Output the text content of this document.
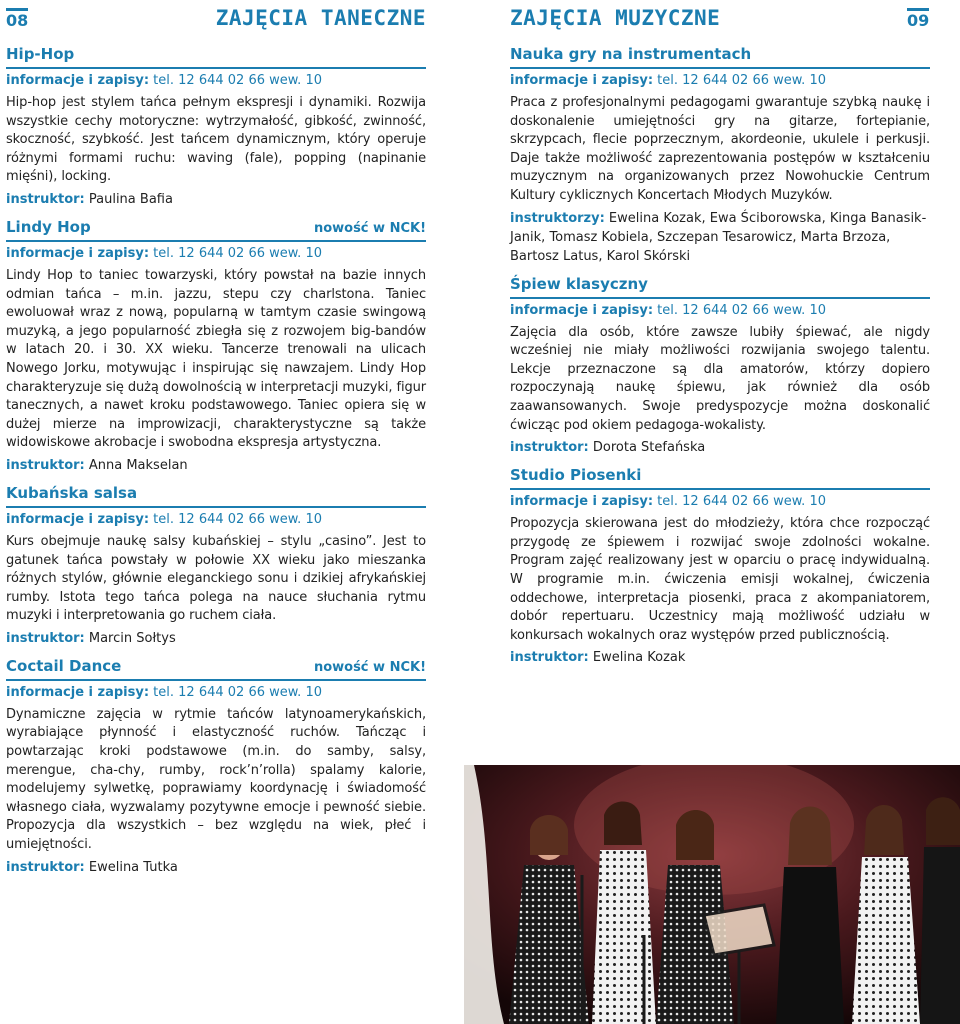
08	ZAJĘCIA TANECZNE
Hip-Hop
informacje i zapisy: tel. 12 644 02 66 wew. 10

Hip-hop jest stylem tańca pełnym ekspresji i dynamiki. Rozwija wszystkie cechy motoryczne: wytrzymałość, gibkość, zwinność, skoczność, szybkość. Jest tańcem dynamicznym, który operuje różnymi formami ruchu: waving (fale), popping (napinanie mięśni), locking.

instruktor: Paulina Bafia
Lindy Hop	nowość w NCK!
informacje i zapisy: tel. 12 644 02 66 wew. 10

Lindy Hop to taniec towarzyski, który powstał na bazie innych odmian tańca – m.in. jazzu, stepu czy charlstona. Taniec ewoluował wraz z nową, popularną w tamtym czasie swingową muzyką, a jego popularność zbiegła się z rozwojem big-bandów w latach 20. i 30. XX wieku. Tancerze trenowali na ulicach Nowego Jorku, motywując i inspirując się nawzajem. Lindy Hop charakteryzuje się dużą dowolnością w interpretacji muzyki, figur tanecznych, a nawet kroku podstawowego. Taniec opiera się w dużej mierze na improwizacji, charakterystyczne są także widowiskowe akrobacje i swobodna ekspresja artystyczna.

instruktor: Anna Makselan
Kubańska salsa
informacje i zapisy: tel. 12 644 02 66 wew. 10

Kurs obejmuje naukę salsy kubańskiej – stylu „casino”. Jest to gatunek tańca powstały w połowie XX wieku jako mieszanka różnych stylów, głównie eleganckiego sonu i dzikiej afrykańskiej rumby. Istota tego tańca polega na nauce słuchania rytmu muzyki i interpretowania go ruchem ciała.

instruktor: Marcin Sołtys
Coctail Dance	nowość w NCK!
informacje i zapisy: tel. 12 644 02 66 wew. 10

Dynamiczne zajęcia w rytmie tańców latynoamerykańskich, wyrabiające płynność i elastyczność ruchów. Tańcząc i powtarzając kroki podstawowe (m.in. do samby, salsy, merengue, cha-chy, rumby, rock’n’rolla) spalamy kalorie, modelujemy sylwetkę, poprawiamy koordynację i świadomość własnego ciała, wyzwalamy pozytywne emocje i pewność siebie. Propozycja dla wszystkich – bez względu na wiek, płeć i umiejętności.

instruktor: Ewelina Tutka
ZAJĘCIA MUZYCZNE	09
Nauka gry na instrumentach
informacje i zapisy: tel. 12 644 02 66 wew. 10

Praca z profesjonalnymi pedagogami gwarantuje szybką naukę i doskonalenie umiejętności gry na gitarze, fortepianie, skrzypcach, flecie poprzecznym, akordeonie, ukulele i perkusji. Daje także możliwość zaprezentowania postępów w kształceniu muzycznym na organizowanych przez Nowohuckie Centrum Kultury cyklicznych Koncertach Młodych Muzyków.

instruktorzy: Ewelina Kozak, Ewa Ściborowska, Kinga Banasik-Janik, Tomasz Kobiela, Szczepan Tesarowicz, Marta Brzoza, Bartosz Latus, Karol Skórski
Śpiew klasyczny
informacje i zapisy: tel. 12 644 02 66 wew. 10

Zajęcia dla osób, które zawsze lubiły śpiewać, ale nigdy wcześniej nie miały możliwości rozwijania swojego talentu. Lekcje przeznaczone są dla amatorów, którzy dopiero rozpoczynają naukę śpiewu, jak również dla osób zaawansowanych. Swoje predyspozycje można doskonalić ćwicząc pod okiem pedagoga-wokalisty.

instruktor: Dorota Stefańska
Studio Piosenki
informacje i zapisy: tel. 12 644 02 66 wew. 10

Propozycja skierowana jest do młodzieży, która chce rozpocząć przygodę ze śpiewem i rozwijać swoje zdolności wokalne. Program zajęć realizowany jest w oparciu o pracę indywidualną. W programie m.in. ćwiczenia emisji wokalnej, ćwiczenia oddechowe, interpretacja piosenki, praca z akompaniatorem, dobór repertuaru. Uczestnicy mają możliwość udziału w konkursach wokalnych oraz występów przed publicznością.

instruktor: Ewelina Kozak
